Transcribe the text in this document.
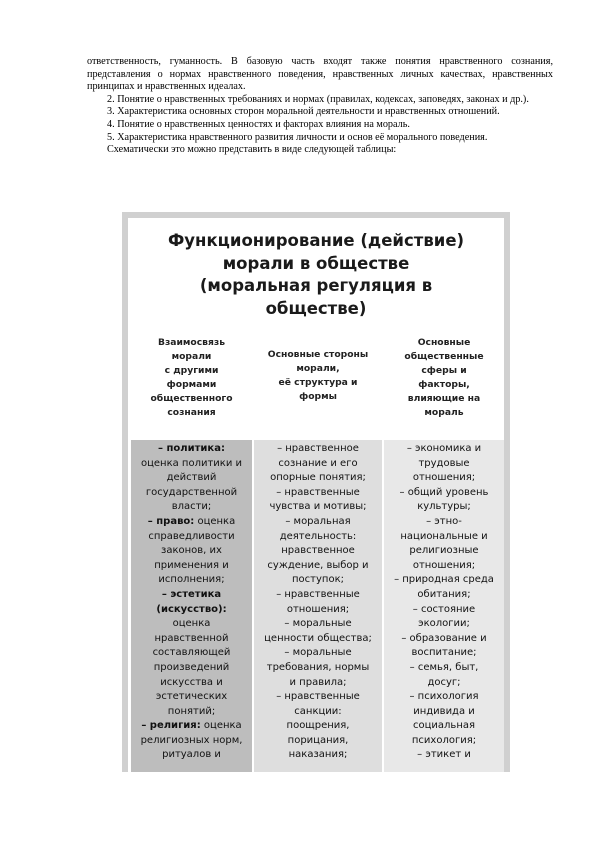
ответственность, гуманность. В базовую часть входят также понятия нравственного сознания, представления о нормах нравственного поведения, нравственных личных качествах, нравственных принципах и нравственных идеалах.

2. Понятие о нравственных требованиях и нормах (правилах, кодексах, заповедях, законах и др.).

3. Характеристика основных сторон моральной деятельности и нравственных отношений.

4. Понятие о нравственных ценностях и факторах влияния на мораль.

5. Характеристика нравственного развития личности и основ её морального поведения.

Схематически это можно представить в виде следующей таблицы:

Функционирование (действие)
морали в обществе
(моральная регуляция в
обществе)
Взаимосвязь
морали
с другими
формами
общественного
сознания
Основные стороны
морали,
её структура и
формы
Основные
общественные
сферы и
факторы,
влияющие на
мораль
– политика:
оценка политики и
действий
государственной
власти;
– право: оценка
справедливости
законов, их
применения и
исполнения;
– эстетика
(искусство):
оценка
нравственной
составляющей
произведений
искусства и
эстетических
понятий;
– религия: оценка
религиозных норм,
ритуалов и
– нравственное
сознание и его
опорные понятия;
– нравственные
чувства и мотивы;
– моральная
деятельность:
нравственное
суждение, выбор и
поступок;
– нравственные
отношения;
– моральные
ценности общества;
– моральные
требования, нормы
и правила;
– нравственные
санкции:
поощрения,
порицания,
наказания;
– экономика и
трудовые
отношения;
– общий уровень
культуры;
– этно-
национальные и
религиозные
отношения;
– природная среда
обитания;
– состояние
экологии;
– образование и
воспитание;
– семья, быт,
досуг;
– психология
индивида и
социальная
психология;
– этикет и
